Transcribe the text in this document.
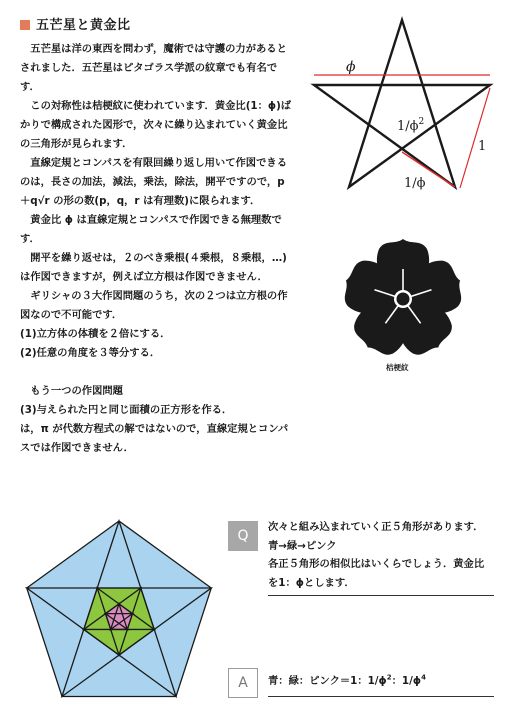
五芒星と黄金比

五芒星は洋の東西を問わず，魔術では守護の力があるとされました．五芒星はピタゴラス学派の紋章でも有名です．

この対称性は桔梗紋に使われています．黄金比(1：ϕ)ばかりで構成された図形で，次々に繰り込まれていく黄金比の三角形が見られます．

直線定規とコンパスを有限回繰り返し用いて作図できるのは，長さの加法，減法，乗法，除法，開平ですので，p＋q√r の形の数(p，q，r は有理数)に限られます．

黄金比 ϕ は直線定規とコンパスで作図できる無理数です．

開平を繰り返せは，２のべき乗根(４乗根，８乗根，…)は作図できますが，例えば立方根は作図できません．

ギリシャの３大作図問題のうち，次の２つは立方根の作図なので不可能です．

(1)立方体の体積を２倍にする．

(2)任意の角度を３等分する．

もう一つの作図問題

(3)与えられた円と同じ面積の正方形を作る．

は，π が代数方程式の解ではないので，直線定規とコンパスでは作図できません．

ϕ
$1/\phi^2$
1
1/ϕ
桔梗紋
Q

次々と組み込まれていく正５角形があります．

青→緑→ピンク

各正５角形の相似比はいくらでしょう．黄金比を1：ϕとします．

A	青：緑：ピンク＝1：$1/\phi^2$：$1/\phi^4$
